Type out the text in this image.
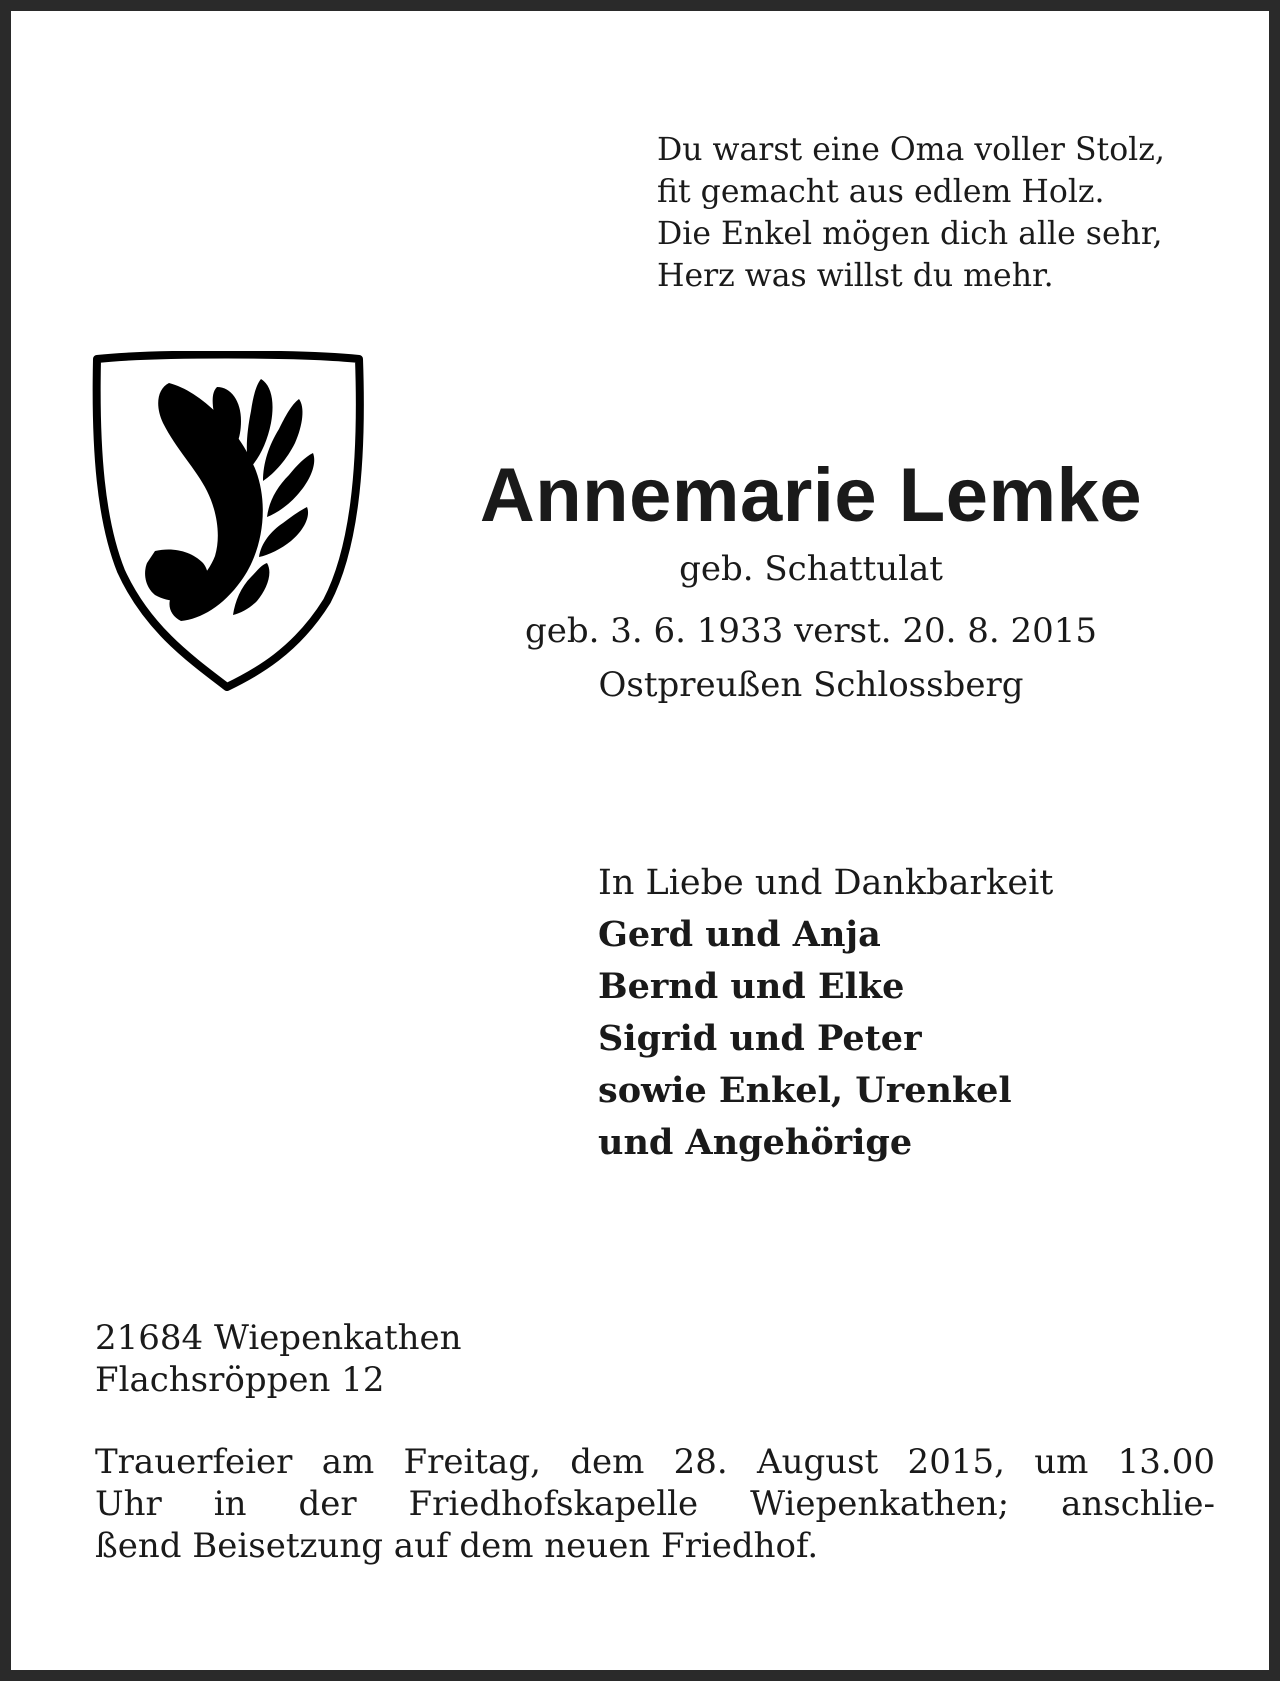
Du warst eine Oma voller Stolz,
fit gemacht aus edlem Holz.
Die Enkel mögen dich alle sehr,
Herz was willst du mehr.
Annemarie Lemke
geb. Schattulat
geb. 3. 6. 1933 verst. 20. 8. 2015
Ostpreußen Schlossberg
In Liebe und Dankbarkeit
Gerd und Anja
Bernd und Elke
Sigrid und Peter
sowie Enkel, Urenkel
und Angehörige
21684 Wiepenkathen
Flachsröppen 12
Trauerfeier am Freitag, dem 28. August 2015, um 13.00
Uhr in der Friedhofskapelle Wiepenkathen; anschlie-
ßend Beisetzung auf dem neuen Friedhof.
